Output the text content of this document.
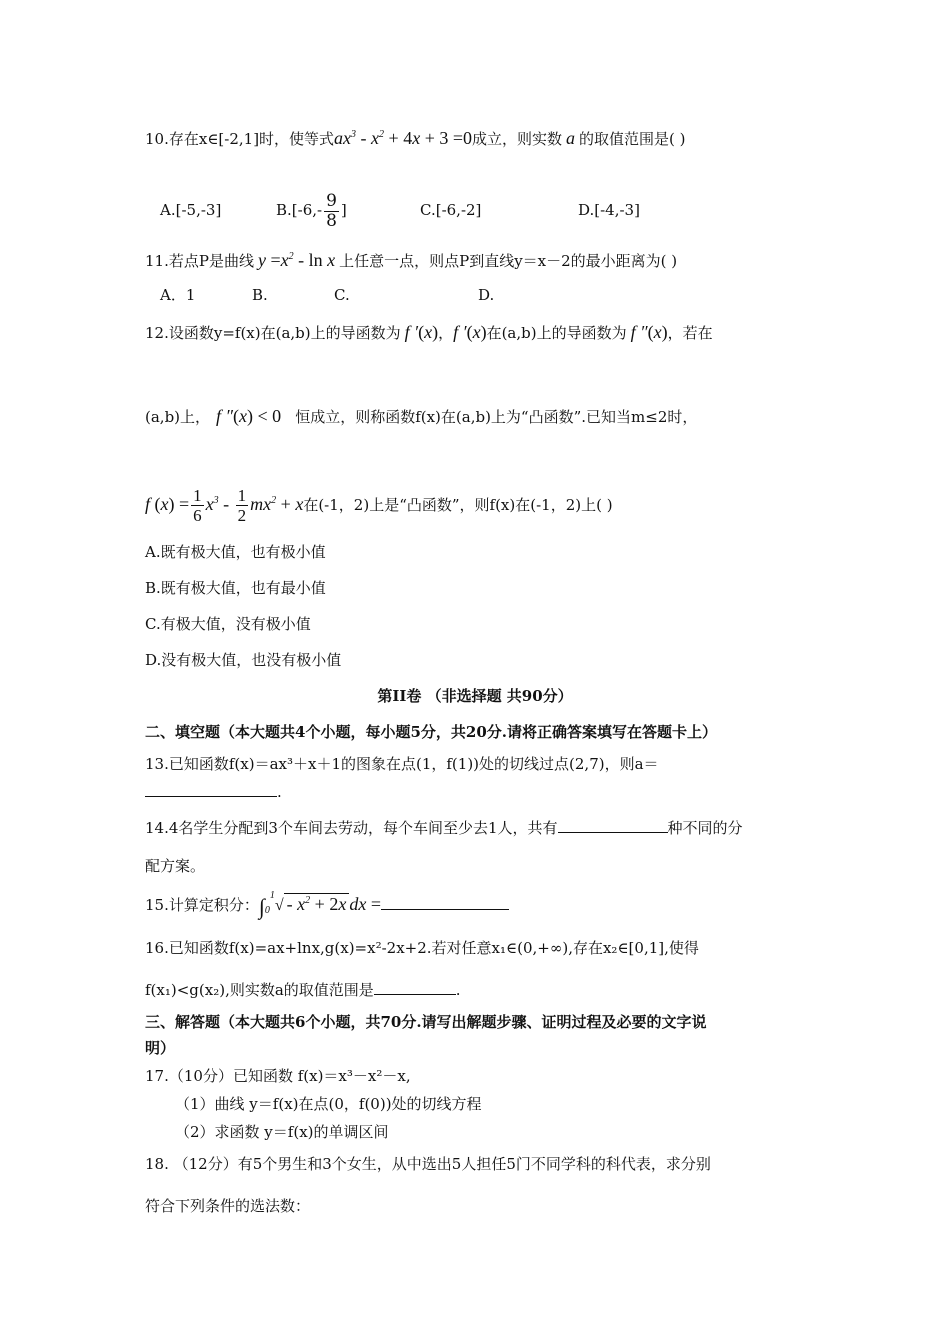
10.存在x∈[-2,1]时，使等式$ax^3 - x^2 + 4x + 3 =0$成立，则实数 a 的取值范围是( )
A.[-5,-3]	$B.[-6,- \frac{9}{8}$ ]	C.[-6,-2]	D.[-4,-3]
11.若点P是曲线 $y =x^2 - \ln x$ 上任意一点，则点P到直线y＝x－2的最小距离为( )
A．1	B.	C.	D.
12.设函数y=f(x)在(a,b)上的导函数为 f ′(x)，f ′(x)在(a,b)上的导函数为 f ″(x)，若在
(a,b)上， f ″(x) < 0 恒成立，则称函数f(x)在(a,b)上为“凸函数”.已知当m≤2时，
f $(x) = \frac{1}{6} x^3 - \frac{1}{2} mx^2 + x$在(-1，2)上是“凸函数”，则f(x)在(-1，2)上( )
A.既有极大值，也有极小值
B.既有极大值，也有最小值
C.有极大值，没有极小值
D.没有极大值，也没有极小值
第II卷 （非选择题 共90分）
二、填空题（本大题共4个小题，每小题5分，共20分.请将正确答案填写在答题卡上）
13.已知函数f(x)＝ax³＋x＋1的图象在点(1，f(1))处的切线过点(2,7)，则a＝
.
14.4名学生分配到3个车间去劳动，每个车间至少去1人，共有	种不同的分
配方案。
15.计算定积分：$\int_0^1√ - x^2 + 2x$ dx =
16.已知函数f(x)=ax+lnx,g(x)=x²-2x+2.若对任意x₁∈(0,+∞),存在x₂∈[0,1],使得
f(x₁)<g(x₂),则实数a的取值范围是	.
三、解答题（本大题共6个小题，共70分.请写出解题步骤、证明过程及必要的文字说
明）
17.（10分）已知函数 f(x)＝x³－x²－x,
（1）曲线 y＝f(x)在点(0，f(0))处的切线方程
（2）求函数 y＝f(x)的单调区间
18. （12分）有5个男生和3个女生，从中选出5人担任5门不同学科的科代表，求分别
符合下列条件的选法数：
